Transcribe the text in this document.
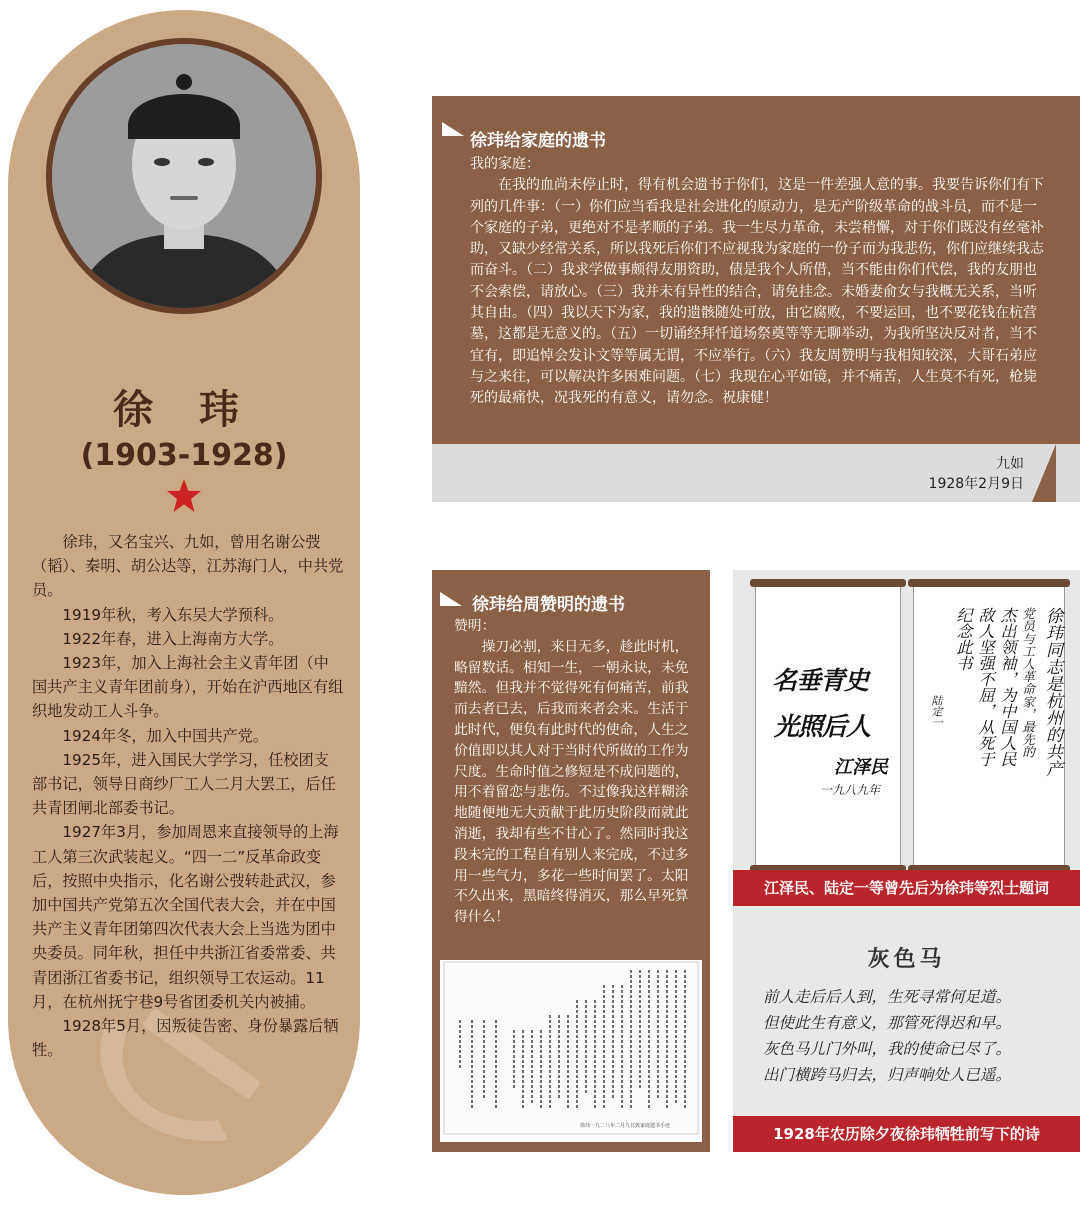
徐 玮
(1903-1928)

徐玮，又名宝兴、九如，曾用名谢公弢（韬）、秦明、胡公达等，江苏海门人，中共党员。

1919年秋，考入东吴大学预科。

1922年春，进入上海南方大学。

1923年，加入上海社会主义青年团（中国共产主义青年团前身），开始在沪西地区有组织地发动工人斗争。

1924年冬，加入中国共产党。

1925年，进入国民大学学习，任校团支部书记，领导日商纱厂工人二月大罢工，后任共青团闸北部委书记。

1927年3月，参加周恩来直接领导的上海工人第三次武装起义。“四一二”反革命政变后，按照中央指示，化名谢公弢转赴武汉，参加中国共产党第五次全国代表大会，并在中国共产主义青年团第四次代表大会上当选为团中央委员。同年秋，担任中共浙江省委常委、共青团浙江省委书记，组织领导工农运动。11月，在杭州抚宁巷9号省团委机关内被捕。

1928年5月，因叛徒告密、身份暴露后牺牲。

徐玮给家庭的遗书

我的家庭：

在我的血尚未停止时，得有机会遗书于你们，这是一件差强人意的事。我要告诉你们有下列的几件事：（一）你们应当看我是社会进化的原动力，是无产阶级革命的战斗员，而不是一个家庭的子弟，更绝对不是孝顺的子弟。我一生尽力革命，未尝稍懈，对于你们既没有丝毫补助，又缺少经常关系，所以我死后你们不应视我为家庭的一份子而为我悲伤，你们应继续我志而奋斗。（二）我求学做事颇得友朋资助，债是我个人所借，当不能由你们代偿，我的友朋也不会索偿，请放心。（三）我并未有异性的结合，请免挂念。未婚妻俞女与我概无关系，当听其自由。（四）我以天下为家，我的遗骸随处可放，由它腐败，不要运回，也不要花钱在杭营墓，这都是无意义的。（五）一切诵经拜忏道场祭奠等等无聊举动，为我所坚决反对者，当不宜有，即追悼会发讣文等等属无谓，不应举行。（六）我友周赞明与我相知较深，大哥石弟应与之来往，可以解决许多困难问题。（七）我现在心平如镜，并不痛苦，人生莫不有死，枪毙死的最痛快，况我死的有意义，请勿念。祝康健！

九如
1928年2月9日
徐玮给周赞明的遗书

赞明：

操刀必割，来日无多，趁此时机，略留数话。相知一生，一朝永诀，未免黯然。但我并不觉得死有何痛苦，前我而去者已去，后我而来者会来。生活于此时代，便负有此时代的使命，人生之价值即以其人对于当时代所做的工作为尺度。生命时值之修短是不成问题的，用不着留恋与悲伤。不过像我这样糊涂地随便地无大贡献于此历史阶段而就此消逝，我却有些不甘心了。然同时我这段未完的工程自有别人来完成，不过多用一些气力，多花一些时间罢了。太阳不久出来，黑暗终得消灭，那么早死算得什么！

徐玮一九二八年二月九日致家庭遗书手迹
名垂青史
光照后人
江泽民
一九八九年
徐玮同志是杭州的共产
党员与工人革命家，最先的
杰出领袖，为中国人民
敌人坚强不屈，从死于
纪念此书
陆定一
江泽民、陆定一等曾先后为徐玮等烈士题词
灰色马
前人走后后人到，生死寻常何足道。
但使此生有意义，那管死得迟和早。
灰色马儿门外叫，我的使命已尽了。
出门横跨马归去，归声响处人已遥。
1928年农历除夕夜徐玮牺牲前写下的诗
